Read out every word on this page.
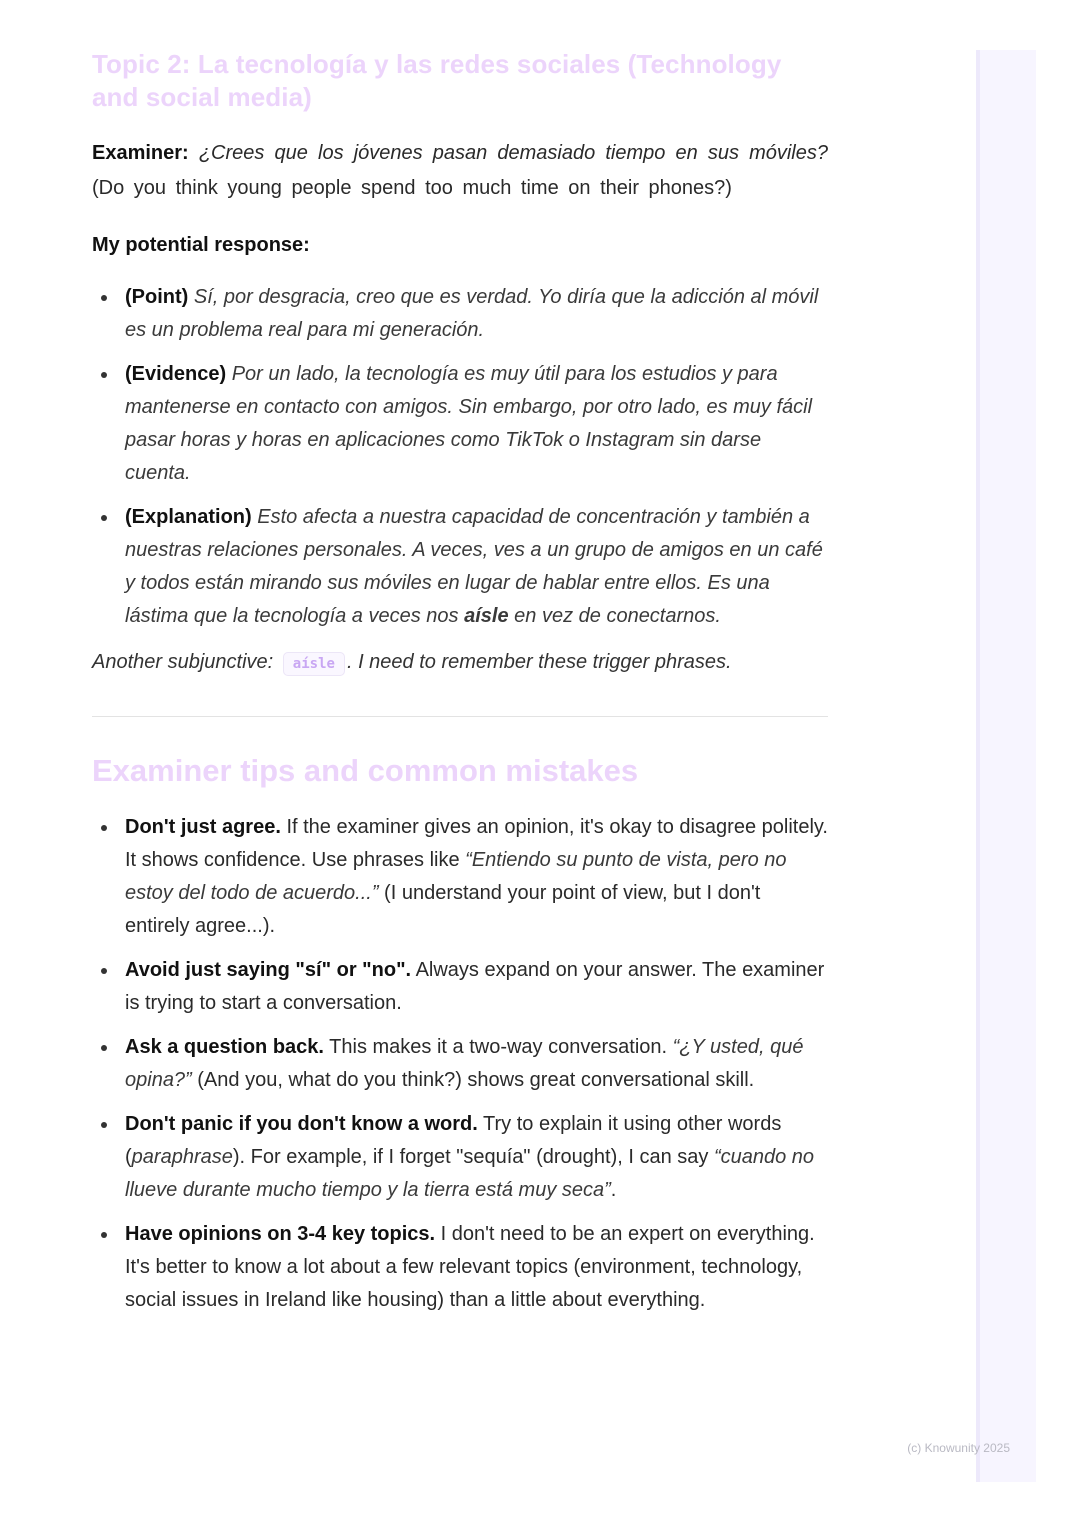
(c) Knowunity 2025
Topic 2: La tecnología y las redes sociales (Technology and social media)

Examiner: ¿Crees que los jóvenes pasan demasiado tiempo en sus móviles? (Do you think young people spend too much time on their phones?)

My potential response:
(Point) Sí, por desgracia, creo que es verdad. Yo diría que la adicción al móvil es un problema real para mi generación.
(Evidence) Por un lado, la tecnología es muy útil para los estudios y para mantenerse en contacto con amigos. Sin embargo, por otro lado, es muy fácil pasar horas y horas en aplicaciones como TikTok o Instagram sin darse cuenta.
(Explanation) Esto afecta a nuestra capacidad de concentración y también a nuestras relaciones personales. A veces, ves a un grupo de amigos en un café y todos están mirando sus móviles en lugar de hablar entre ellos. Es una lástima que la tecnología a veces nos aísle en vez de conectarnos.

Another subjunctive: aísle . I need to remember these trigger phrases.

Examiner tips and common mistakes
Don't just agree. If the examiner gives an opinion, it's okay to disagree politely. It shows confidence. Use phrases like “Entiendo su punto de vista, pero no estoy del todo de acuerdo...” (I understand your point of view, but I don't entirely agree...).
Avoid just saying "sí" or "no". Always expand on your answer. The examiner is trying to start a conversation.
Ask a question back. This makes it a two-way conversation. “¿Y usted, qué opina?” (And you, what do you think?) shows great conversational skill.
Don't panic if you don't know a word. Try to explain it using other words (paraphrase). For example, if I forget "sequía" (drought), I can say “cuando no llueve durante mucho tiempo y la tierra está muy seca”.
Have opinions on 3-4 key topics. I don't need to be an expert on everything. It's better to know a lot about a few relevant topics (environment, technology, social issues in Ireland like housing) than a little about everything.
